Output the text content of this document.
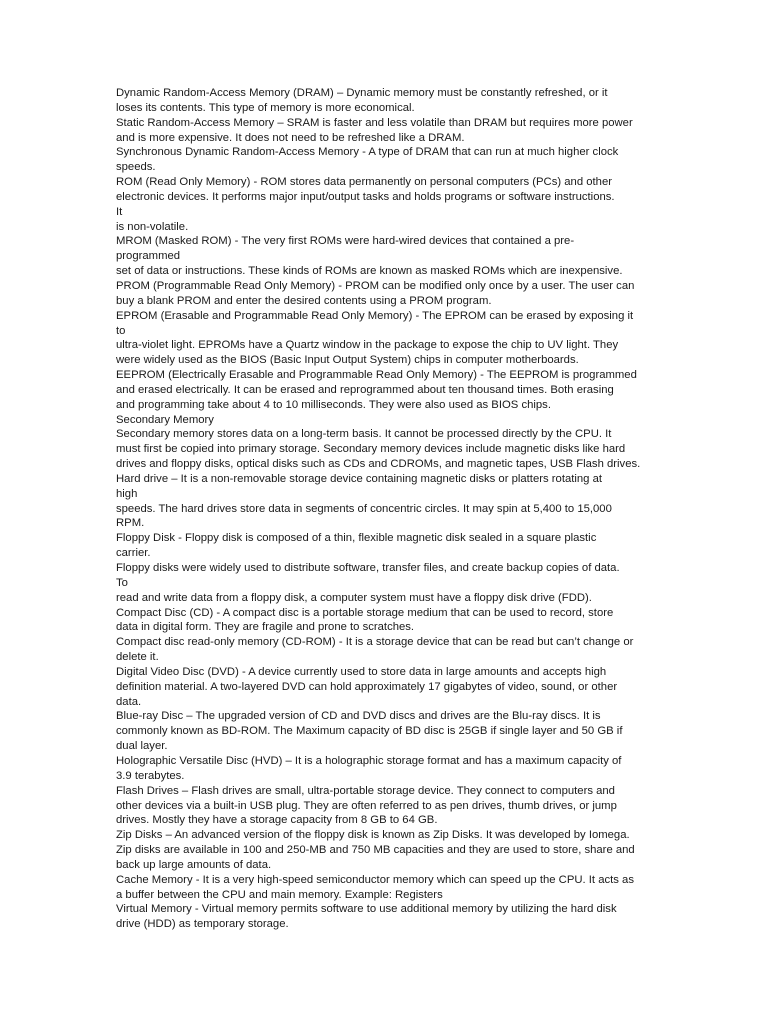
Dynamic Random-Access Memory (DRAM) – Dynamic memory must be constantly refreshed, or it
loses its contents. This type of memory is more economical.
Static Random-Access Memory – SRAM is faster and less volatile than DRAM but requires more power
and is more expensive. It does not need to be refreshed like a DRAM.
Synchronous Dynamic Random-Access Memory - A type of DRAM that can run at much higher clock
speeds.
ROM (Read Only Memory) - ROM stores data permanently on personal computers (PCs) and other
electronic devices. It performs major input/output tasks and holds programs or software instructions.
It
is non-volatile.
MROM (Masked ROM) - The very first ROMs were hard-wired devices that contained a pre-
programmed
set of data or instructions. These kinds of ROMs are known as masked ROMs which are inexpensive.
PROM (Programmable Read Only Memory) - PROM can be modified only once by a user. The user can
buy a blank PROM and enter the desired contents using a PROM program.
EPROM (Erasable and Programmable Read Only Memory) - The EPROM can be erased by exposing it
to
ultra-violet light. EPROMs have a Quartz window in the package to expose the chip to UV light. They
were widely used as the BIOS (Basic Input Output System) chips in computer motherboards.
EEPROM (Electrically Erasable and Programmable Read Only Memory) - The EEPROM is programmed
and erased electrically. It can be erased and reprogrammed about ten thousand times. Both erasing
and programming take about 4 to 10 milliseconds. They were also used as BIOS chips.
Secondary Memory
Secondary memory stores data on a long-term basis. It cannot be processed directly by the CPU. It
must first be copied into primary storage. Secondary memory devices include magnetic disks like hard
drives and floppy disks, optical disks such as CDs and CDROMs, and magnetic tapes, USB Flash drives.
Hard drive – It is a non-removable storage device containing magnetic disks or platters rotating at
high
speeds. The hard drives store data in segments of concentric circles. It may spin at 5,400 to 15,000
RPM.
Floppy Disk - Floppy disk is composed of a thin, flexible magnetic disk sealed in a square plastic
carrier.
Floppy disks were widely used to distribute software, transfer files, and create backup copies of data.
To
read and write data from a floppy disk, a computer system must have a floppy disk drive (FDD).
Compact Disc (CD) - A compact disc is a portable storage medium that can be used to record, store
data in digital form. They are fragile and prone to scratches.
Compact disc read-only memory (CD-ROM) - It is a storage device that can be read but can’t change or
delete it.
Digital Video Disc (DVD) - A device currently used to store data in large amounts and accepts high
definition material. A two-layered DVD can hold approximately 17 gigabytes of video, sound, or other
data.
Blue-ray Disc – The upgraded version of CD and DVD discs and drives are the Blu-ray discs. It is
commonly known as BD-ROM. The Maximum capacity of BD disc is 25GB if single layer and 50 GB if
dual layer.
Holographic Versatile Disc (HVD) – It is a holographic storage format and has a maximum capacity of
3.9 terabytes.
Flash Drives – Flash drives are small, ultra-portable storage device. They connect to computers and
other devices via a built-in USB plug. They are often referred to as pen drives, thumb drives, or jump
drives. Mostly they have a storage capacity from 8 GB to 64 GB.
Zip Disks – An advanced version of the floppy disk is known as Zip Disks. It was developed by Iomega.
Zip disks are available in 100 and 250-MB and 750 MB capacities and they are used to store, share and
back up large amounts of data.
Cache Memory - It is a very high-speed semiconductor memory which can speed up the CPU. It acts as
a buffer between the CPU and main memory. Example: Registers
Virtual Memory - Virtual memory permits software to use additional memory by utilizing the hard disk
drive (HDD) as temporary storage.
